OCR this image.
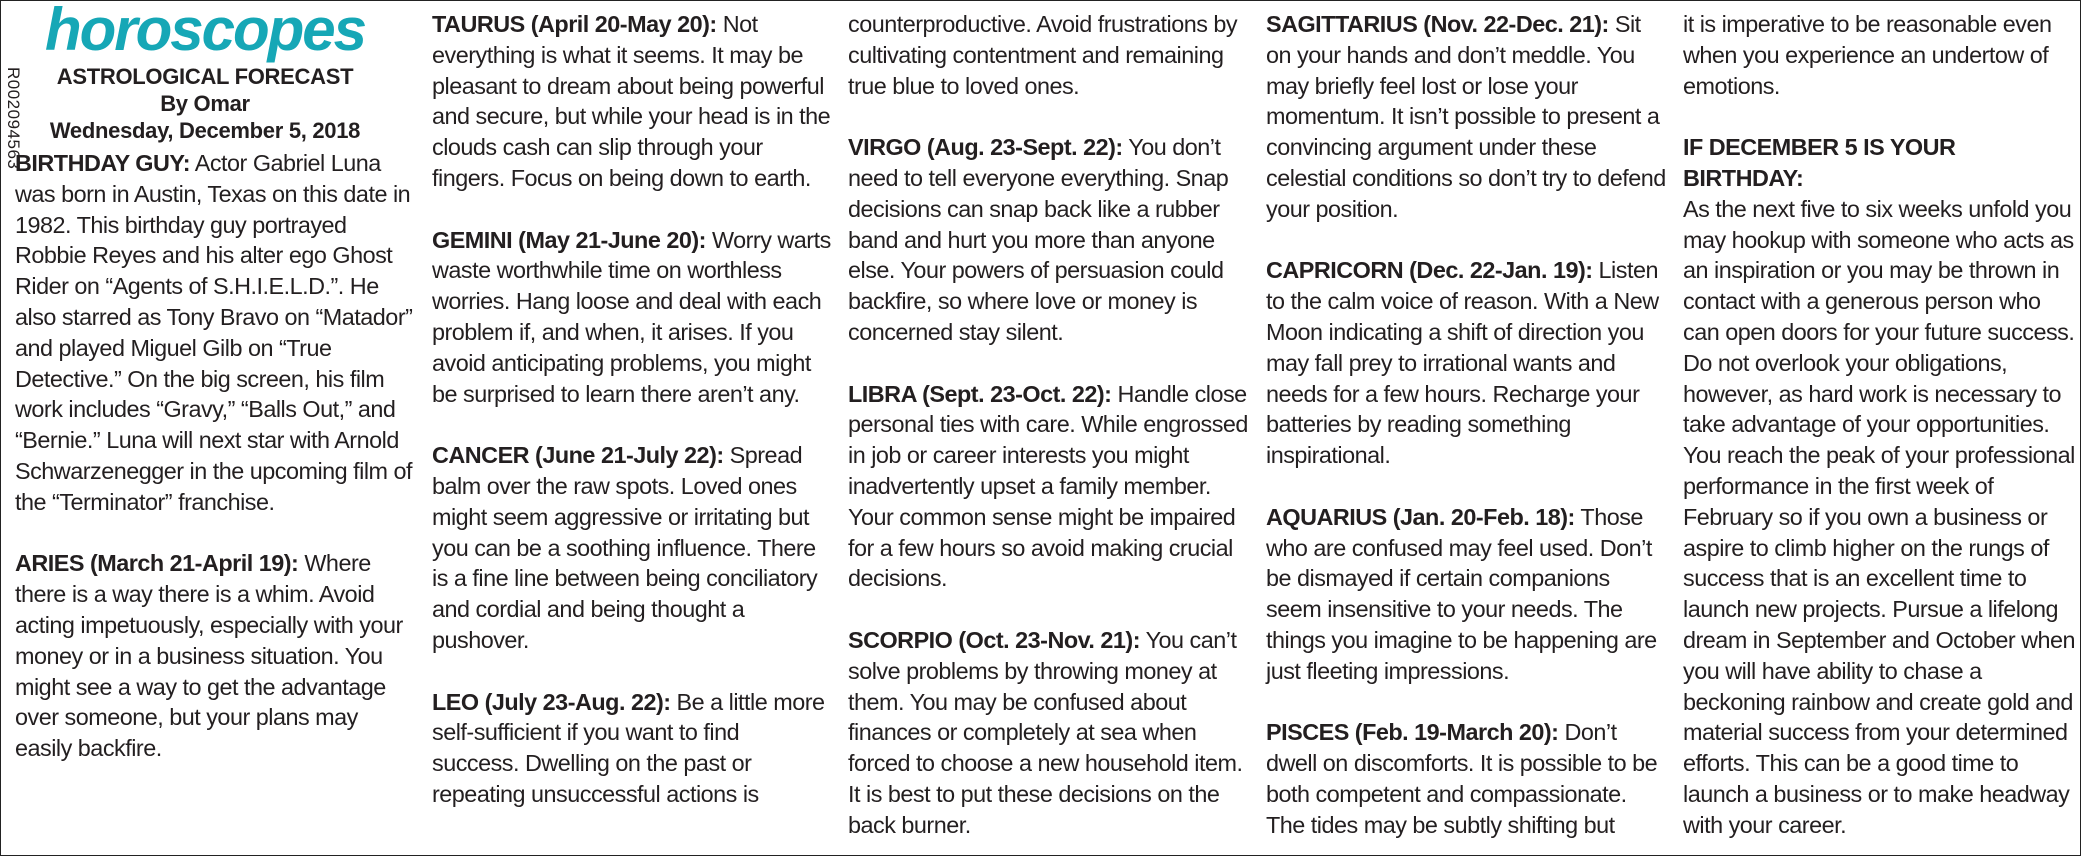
R002094563
horoscopes
ASTROLOGICAL FORECAST
By Omar
Wednesday, December 5, 2018

BIRTHDAY GUY: Actor Gabriel Luna was born in Austin, Texas on this date in 1982. This birthday guy portrayed Robbie Reyes and his alter ego Ghost Rider on “Agents of S.H.I.E.L.D.”. He also starred as Tony Bravo on “Matador” and played Miguel Gilb on “True Detective.” On the big screen, his film work includes “Gravy,” “Balls Out,” and “Bernie.” Luna will next star with Arnold Schwarzenegger in the upcoming film of the “Terminator” franchise.

ARIES (March 21-April 19): Where there is a way there is a whim. Avoid acting impetuously, especially with your money or in a business situation. You might see a way to get the advantage over someone, but your plans may easily backfire.

TAURUS (April 20-May 20): Not everything is what it seems. It may be pleasant to dream about being powerful and secure, but while your head is in the clouds cash can slip through your fingers. Focus on being down to earth.

GEMINI (May 21-June 20): Worry warts waste worthwhile time on worthless worries. Hang loose and deal with each problem if, and when, it arises. If you avoid anticipating problems, you might be surprised to learn there aren’t any.

CANCER (June 21-July 22): Spread balm over the raw spots. Loved ones might seem aggressive or irritating but you can be a soothing influence. There is a fine line between being conciliatory and cordial and being thought a pushover.

LEO (July 23-Aug. 22): Be a little more self-sufficient if you want to find success. Dwelling on the past or repeating unsuccessful actions is

counterproductive. Avoid frustrations by cultivating contentment and remaining true blue to loved ones.

VIRGO (Aug. 23-Sept. 22): You don’t need to tell everyone everything. Snap decisions can snap back like a rubber band and hurt you more than anyone else. Your powers of persuasion could backfire, so where love or money is concerned stay silent.

LIBRA (Sept. 23-Oct. 22): Handle close personal ties with care. While engrossed in job or career interests you might inadvertently upset a family member. Your common sense might be impaired for a few hours so avoid making crucial decisions.

SCORPIO (Oct. 23-Nov. 21): You can’t solve problems by throwing money at them. You may be confused about finances or completely at sea when forced to choose a new household item. It is best to put these decisions on the back burner.

SAGITTARIUS (Nov. 22-Dec. 21): Sit on your hands and don’t meddle. You may briefly feel lost or lose your momentum. It isn’t possible to present a convincing argument under these celestial conditions so don’t try to defend your position.

CAPRICORN (Dec. 22-Jan. 19): Listen to the calm voice of reason. With a New Moon indicating a shift of direction you may fall prey to irrational wants and needs for a few hours. Recharge your batteries by reading something inspirational.

AQUARIUS (Jan. 20-Feb. 18): Those who are confused may feel used. Don’t be dismayed if certain companions seem insensitive to your needs. The things you imagine to be happening are just fleeting impressions.

PISCES (Feb. 19-March 20): Don’t dwell on discomforts. It is possible to be both competent and compassionate. The tides may be subtly shifting but

it is imperative to be reasonable even when you experience an undertow of emotions.

IF DECEMBER 5 IS YOUR BIRTHDAY:
As the next five to six weeks unfold you may hookup with someone who acts as an inspiration or you may be thrown in contact with a generous person who can open doors for your future success. Do not overlook your obligations, however, as hard work is necessary to take advantage of your opportunities. You reach the peak of your professional performance in the first week of February so if you own a business or aspire to climb higher on the rungs of success that is an excellent time to launch new projects. Pursue a lifelong dream in September and October when you will have ability to chase a beckoning rainbow and create gold and material success from your determined efforts. This can be a good time to launch a business or to make headway with your career.
